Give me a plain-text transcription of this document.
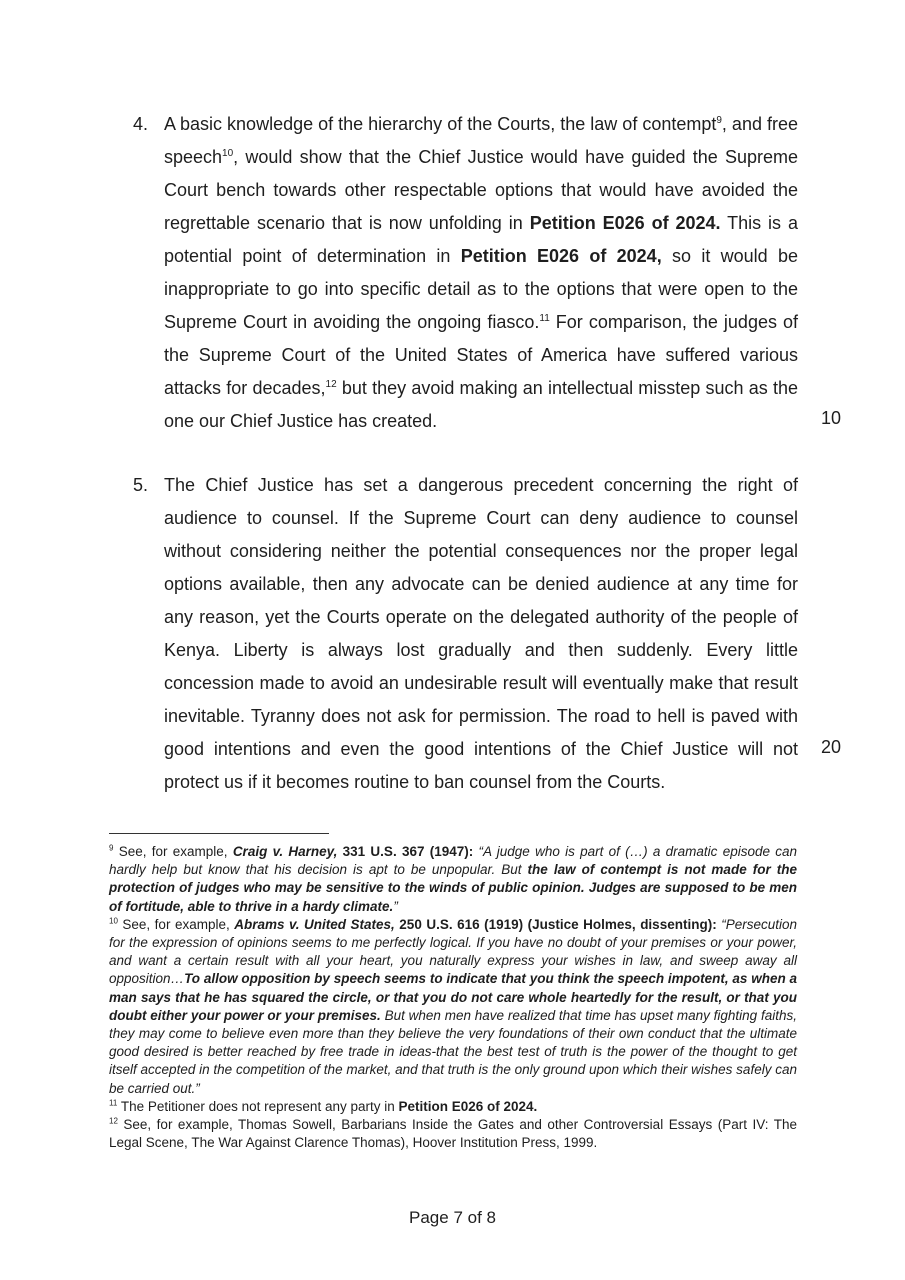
4. A basic knowledge of the hierarchy of the Courts, the law of contempt$^9$, and free speech$^{10}$, would show that the Chief Justice would have guided the Supreme Court bench towards other respectable options that would have avoided the regrettable scenario that is now unfolding in Petition E026 of 2024. This is a potential point of determination in Petition E026 of 2024, so it would be inappropriate to go into specific detail as to the options that were open to the Supreme Court in avoiding the ongoing fiasco.$^{11}$ For comparison, the judges of the Supreme Court of the United States of America have suffered various attacks for decades,$^{12}$ but they avoid making an intellectual misstep such as the one our Chief Justice has created.	10
5. The Chief Justice has set a dangerous precedent concerning the right of audience to counsel. If the Supreme Court can deny audience to counsel without considering neither the potential consequences nor the proper legal options available, then any advocate can be denied audience at any time for any reason, yet the Courts operate on the delegated authority of the people of Kenya. Liberty is always lost gradually and then suddenly. Every little concession made to avoid an undesirable result will eventually make that result inevitable. Tyranny does not ask for permission. The road to hell is paved with good intentions and even the good intentions of the Chief Justice will not protect us if it becomes routine to ban counsel from the Courts.
20

$^9$ See, for example, Craig v. Harney, 331 U.S. 367 (1947): “A judge who is part of (…) a dramatic episode can hardly help but know that his decision is apt to be unpopular. But the law of contempt is not made for the protection of judges who may be sensitive to the winds of public opinion. Judges are supposed to be men of fortitude, able to thrive in a hardy climate.”

$^{10}$ See, for example, Abrams v. United States, 250 U.S. 616 (1919) (Justice Holmes, dissenting): “Persecution for the expression of opinions seems to me perfectly logical. If you have no doubt of your premises or your power, and want a certain result with all your heart, you naturally express your wishes in law, and sweep away all opposition…To allow opposition by speech seems to indicate that you think the speech impotent, as when a man says that he has squared the circle, or that you do not care whole heartedly for the result, or that you doubt either your power or your premises. But when men have realized that time has upset many fighting faiths, they may come to believe even more than they believe the very foundations of their own conduct that the ultimate good desired is better reached by free trade in ideas-that the best test of truth is the power of the thought to get itself accepted in the competition of the market, and that truth is the only ground upon which their wishes safely can be carried out.”

$^{11}$ The Petitioner does not represent any party in Petition E026 of 2024.

$^{12}$ See, for example, Thomas Sowell, Barbarians Inside the Gates and other Controversial Essays (Part IV: The Legal Scene, The War Against Clarence Thomas), Hoover Institution Press, 1999.

Page 7 of 8
